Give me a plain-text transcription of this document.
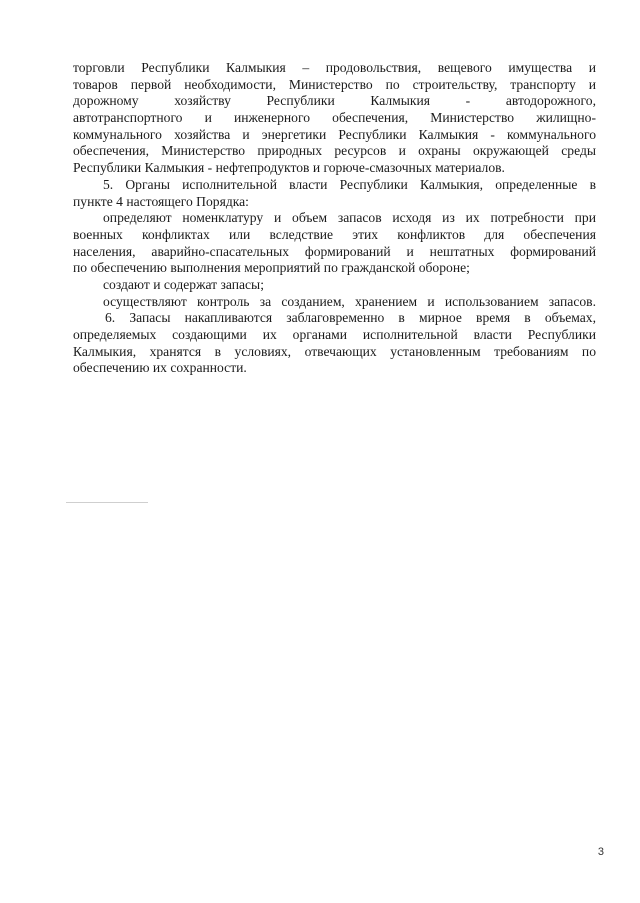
торговли Республики Калмыкия – продовольствия, вещевого имущества и
товаров первой необходимости, Министерство по строительству, транспорту и
дорожному хозяйству Республики Калмыкия - автодорожного,
автотранспортного и инженерного обеспечения, Министерство жилищно-
коммунального хозяйства и энергетики Республики Калмыкия - коммунального
обеспечения, Министерство природных ресурсов и охраны окружающей среды
Республики Калмыкия - нефтепродуктов и горюче-смазочных материалов.
5. Органы исполнительной власти Республики Калмыкия, определенные в
пункте 4 настоящего Порядка:
определяют номенклатуру и объем запасов исходя из их потребности при
военных конфликтах или вследствие этих конфликтов для обеспечения
населения, аварийно-спасательных формирований и нештатных формирований
по обеспечению выполнения мероприятий по гражданской обороне;
создают и содержат запасы;
осуществляют контроль за созданием, хранением и использованием запасов.
6. Запасы накапливаются заблаговременно в мирное время в объемах,
определяемых создающими их органами исполнительной власти Республики
Калмыкия, хранятся в условиях, отвечающих установленным требованиям по
обеспечению их сохранности.
3
